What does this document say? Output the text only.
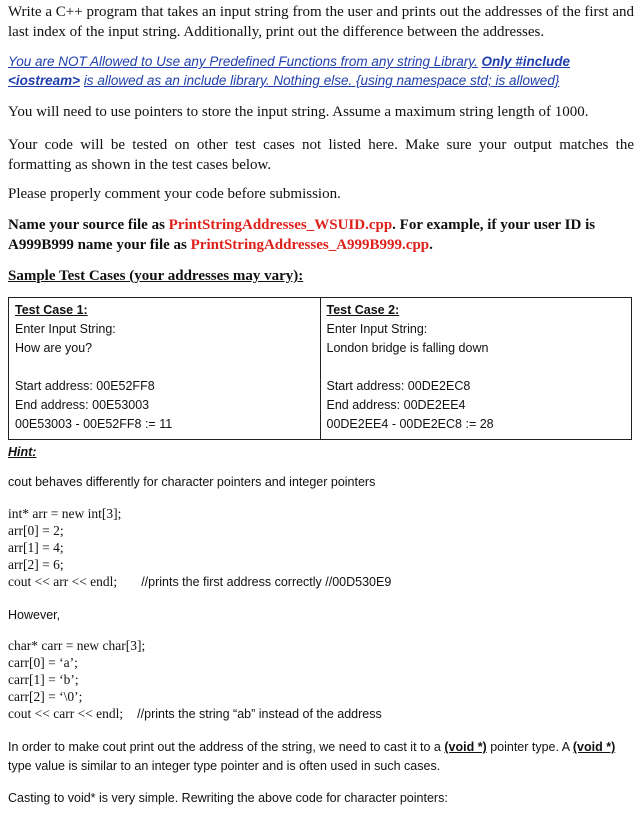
Write a C++ program that takes an input string from the user and prints out the addresses of the first and last index of the input string. Additionally, print out the difference between the addresses.
You are NOT Allowed to Use any Predefined Functions from any string Library. Only #include <iostream> is allowed as an include library. Nothing else. {using namespace std; is allowed}
You will need to use pointers to store the input string. Assume a maximum string length of 1000.
Your code will be tested on other test cases not listed here. Make sure your output matches the formatting as shown in the test cases below.
Please properly comment your code before submission.
Name your source file as PrintStringAddresses_WSUID.cpp. For example, if your user ID is A999B999 name your file as PrintStringAddresses_A999B999.cpp.
Sample Test Cases (your addresses may vary):
Test Case 1:
Enter Input String:
How are you?
Start address: 00E52FF8
End address: 00E53003
00E53003 - 00E52FF8 := 11

Test Case 2:
Enter Input String:
London bridge is falling down
Start address: 00DE2EC8
End address: 00DE2EE4
00DE2EE4 - 00DE2EC8 := 28
Hint:
cout behaves differently for character pointers and integer pointers
int* arr = new int[3];
arr[0] = 2;
arr[1] = 4;
arr[2] = 6;
cout << arr << endl; //prints the first address correctly //00D530E9
However,
char* carr = new char[3];
carr[0] = ‘a’;
carr[1] = ‘b’;
carr[2] = ‘\0’;
cout << carr << endl; //prints the string “ab” instead of the address
In order to make cout print out the address of the string, we need to cast it to a (void *) pointer type. A (void *) type value is similar to an integer type pointer and is often used in such cases.
Casting to void* is very simple. Rewriting the above code for character pointers:
